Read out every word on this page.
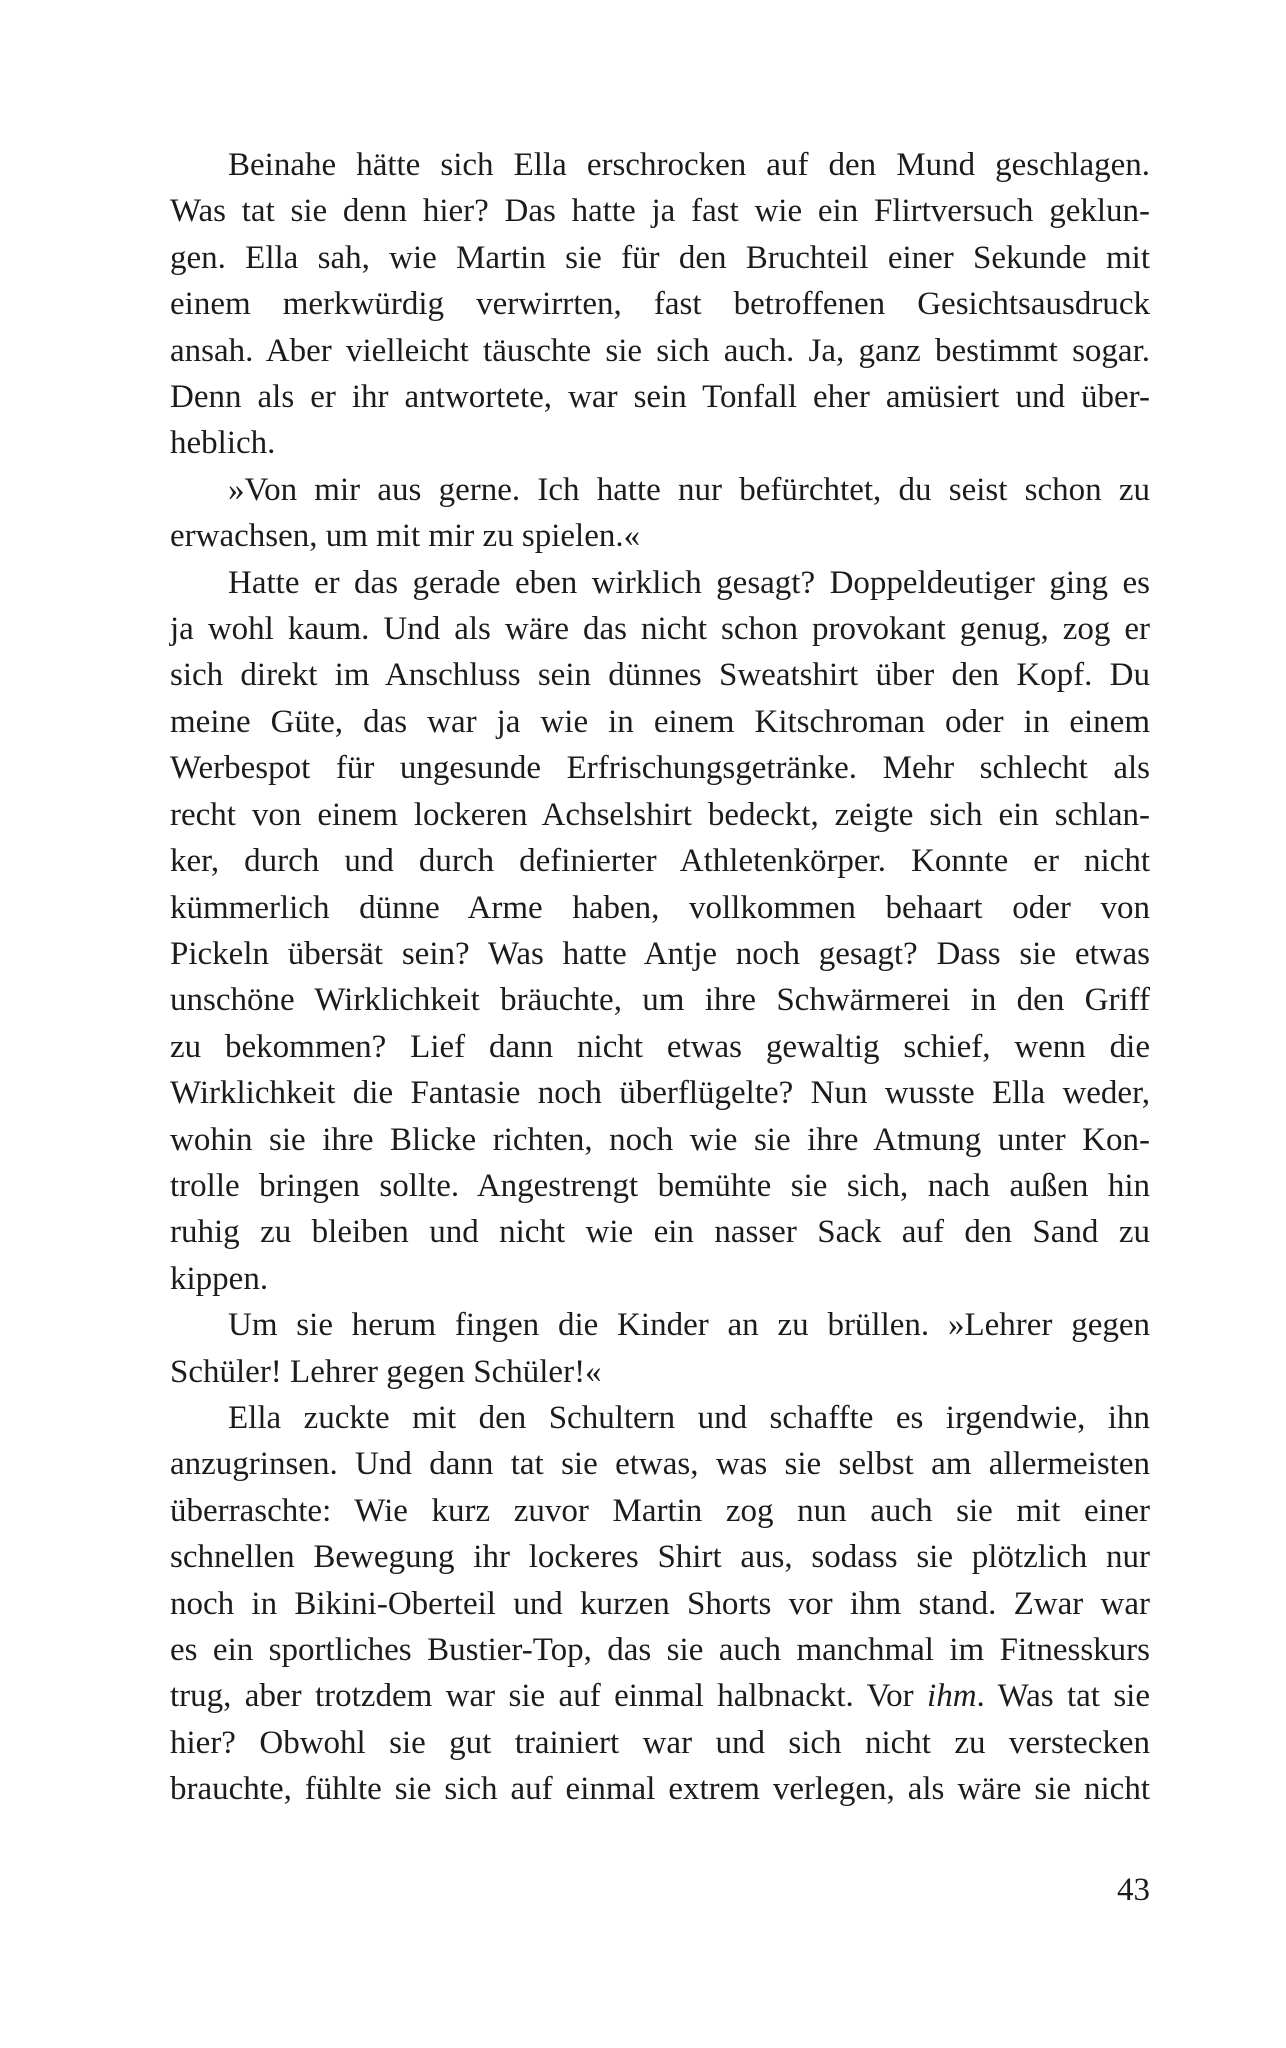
Beinahe hätte sich Ella erschrocken auf den Mund geschlagen.
Was tat sie denn hier? Das hatte ja fast wie ein Flirtversuch geklun-
gen. Ella sah, wie Martin sie für den Bruchteil einer Sekunde mit
einem merkwürdig verwirrten, fast betroffenen Gesichtsausdruck
ansah. Aber vielleicht täuschte sie sich auch. Ja, ganz bestimmt sogar.
Denn als er ihr antwortete, war sein Tonfall eher amüsiert und über-
heblich.

»Von mir aus gerne. Ich hatte nur befürchtet, du seist schon zu
erwachsen, um mit mir zu spielen.«

Hatte er das gerade eben wirklich gesagt? Doppeldeutiger ging es
ja wohl kaum. Und als wäre das nicht schon provokant genug, zog er
sich direkt im Anschluss sein dünnes Sweatshirt über den Kopf. Du
meine Güte, das war ja wie in einem Kitschroman oder in einem
Werbespot für ungesunde Erfrischungsgetränke. Mehr schlecht als
recht von einem lockeren Achselshirt bedeckt, zeigte sich ein schlan-
ker, durch und durch definierter Athletenkörper. Konnte er nicht
kümmerlich dünne Arme haben, vollkommen behaart oder von
Pickeln übersät sein? Was hatte Antje noch gesagt? Dass sie etwas
unschöne Wirklichkeit bräuchte, um ihre Schwärmerei in den Griff
zu bekommen? Lief dann nicht etwas gewaltig schief, wenn die
Wirklichkeit die Fantasie noch überflügelte? Nun wusste Ella weder,
wohin sie ihre Blicke richten, noch wie sie ihre Atmung unter Kon-
trolle bringen sollte. Angestrengt bemühte sie sich, nach außen hin
ruhig zu bleiben und nicht wie ein nasser Sack auf den Sand zu
kippen.

Um sie herum fingen die Kinder an zu brüllen. »Lehrer gegen
Schüler! Lehrer gegen Schüler!«

Ella zuckte mit den Schultern und schaffte es irgendwie, ihn
anzugrinsen. Und dann tat sie etwas, was sie selbst am allermeisten
überraschte: Wie kurz zuvor Martin zog nun auch sie mit einer
schnellen Bewegung ihr lockeres Shirt aus, sodass sie plötzlich nur
noch in Bikini-Oberteil und kurzen Shorts vor ihm stand. Zwar war
es ein sportliches Bustier-Top, das sie auch manchmal im Fitnesskurs
trug, aber trotzdem war sie auf einmal halbnackt. Vor ihm. Was tat sie
hier? Obwohl sie gut trainiert war und sich nicht zu verstecken
brauchte, fühlte sie sich auf einmal extrem verlegen, als wäre sie nicht

43
